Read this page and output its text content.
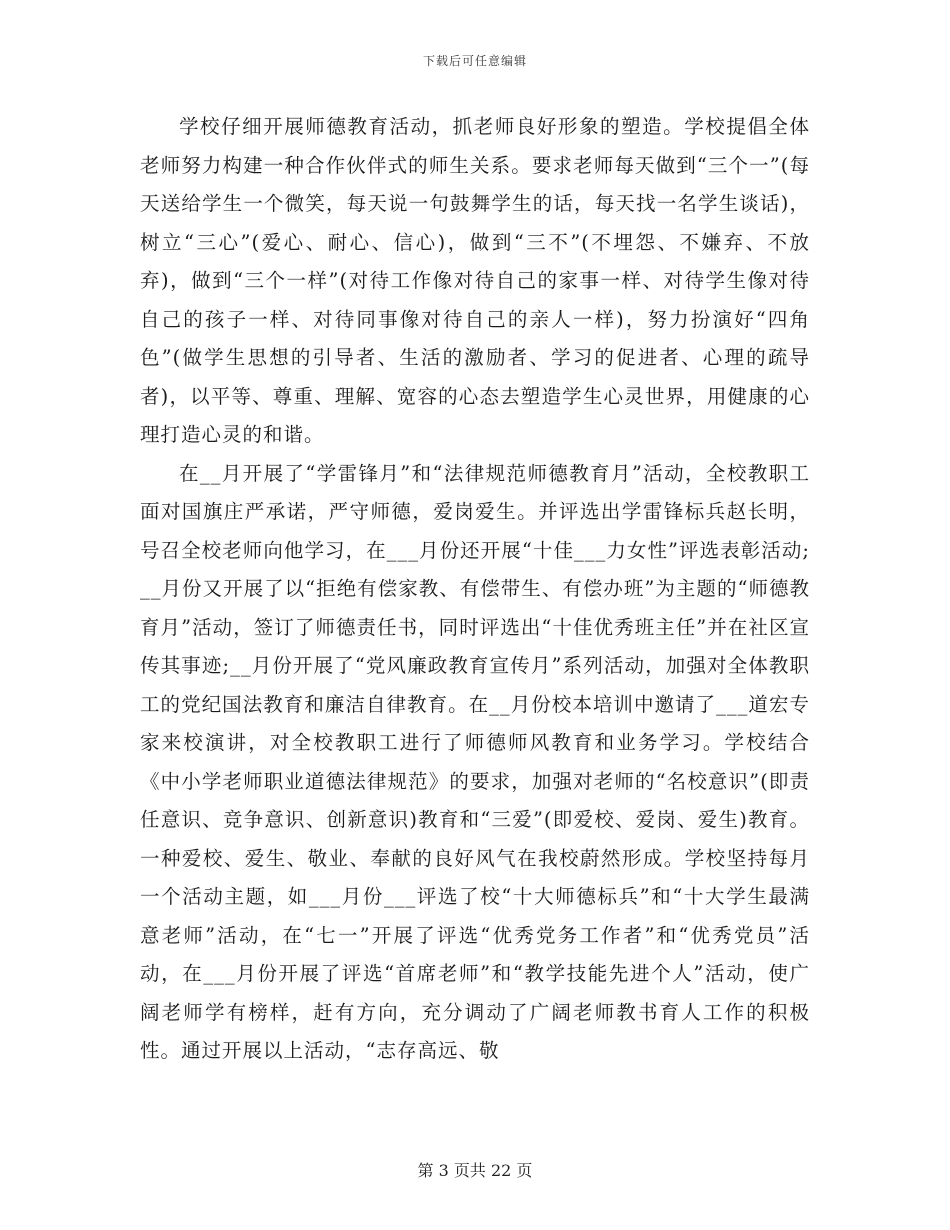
下载后可任意编辑

学校仔细开展师德教育活动，抓老师良好形象的塑造。学校提倡全体老师努力构建一种合作伙伴式的师生关系。要求老师每天做到“三个一”(每天送给学生一个微笑，每天说一句鼓舞学生的话，每天找一名学生谈话)，树立“三心”(爱心、耐心、信心)，做到“三不”(不埋怨、不嫌弃、不放弃)，做到“三个一样”(对待工作像对待自己的家事一样、对待学生像对待自己的孩子一样、对待同事像对待自己的亲人一样)，努力扮演好“四角色”(做学生思想的引导者、生活的激励者、学习的促进者、心理的疏导者)，以平等、尊重、理解、宽容的心态去塑造学生心灵世界，用健康的心理打造心灵的和谐。

在__月开展了“学雷锋月”和“法律规范师德教育月”活动，全校教职工面对国旗庄严承诺，严守师德，爱岗爱生。并评选出学雷锋标兵赵长明，号召全校老师向他学习，在___月份还开展“十佳___力女性”评选表彰活动;__月份又开展了以“拒绝有偿家教、有偿带生、有偿办班”为主题的“师德教育月”活动，签订了师德责任书，同时评选出“十佳优秀班主任”并在社区宣传其事迹;__月份开展了“党风廉政教育宣传月”系列活动，加强对全体教职工的党纪国法教育和廉洁自律教育。在__月份校本培训中邀请了___道宏专家来校演讲，对全校教职工进行了师德师风教育和业务学习。学校结合《中小学老师职业道德法律规范》的要求，加强对老师的“名校意识”(即责任意识、竞争意识、创新意识)教育和“三爱”(即爱校、爱岗、爱生)教育。一种爱校、爱生、敬业、奉献的良好风气在我校蔚然形成。学校坚持每月一个活动主题，如___月份___评选了校“十大师德标兵”和“十大学生最满意老师”活动，在“七一”开展了评选“优秀党务工作者”和“优秀党员”活动，在___月份开展了评选“首席老师”和“教学技能先进个人”活动，使广阔老师学有榜样，赶有方向，充分调动了广阔老师教书育人工作的积极性。通过开展以上活动，“志存高远、敬

第 3 页共 22 页
